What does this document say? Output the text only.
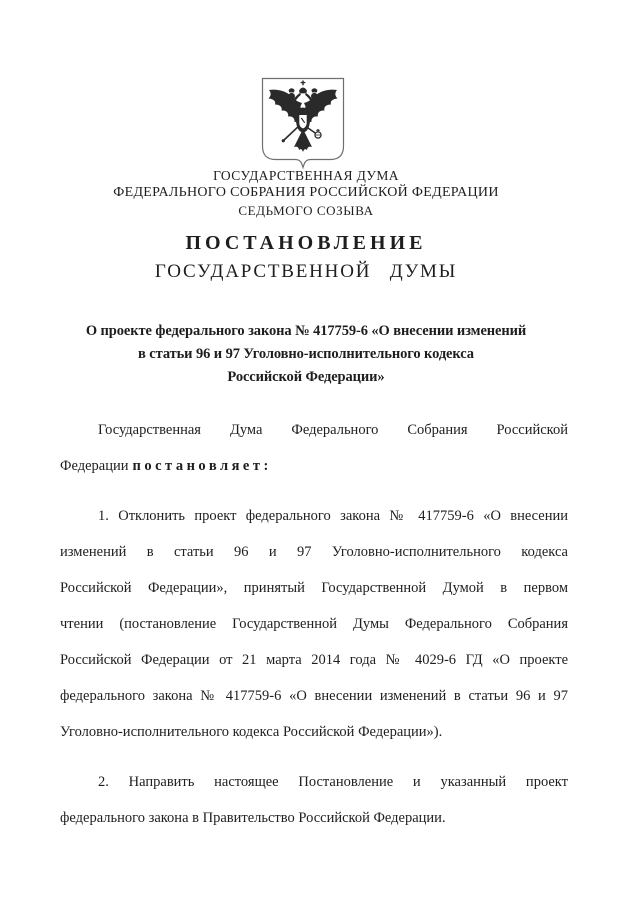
ГОСУДАРСТВЕННАЯ ДУМА
ФЕДЕРАЛЬНОГО СОБРАНИЯ РОССИЙСКОЙ ФЕДЕРАЦИИ
СЕДЬМОГО СОЗЫВА
ПОСТАНОВЛЕНИЕ
ГОСУДАРСТВЕННОЙ ДУМЫ
О проекте федерального закона № 417759-6 «О внесении изменений
в статьи 96 и 97 Уголовно-исполнительного кодекса
Российской Федерации»
Государственная Дума Федерального Собрания Российской
Федерации постановляет:
1. Отклонить проект федерального закона № 417759-6 «О внесении
изменений в статьи 96 и 97 Уголовно-исполнительного кодекса
Российской Федерации», принятый Государственной Думой в первом
чтении (постановление Государственной Думы Федерального Собрания
Российской Федерации от 21 марта 2014 года № 4029-6 ГД «О проекте
федерального закона № 417759-6 «О внесении изменений в статьи 96 и 97
Уголовно-исполнительного кодекса Российской Федерации»).
2. Направить настоящее Постановление и указанный проект
федерального закона в Правительство Российской Федерации.
